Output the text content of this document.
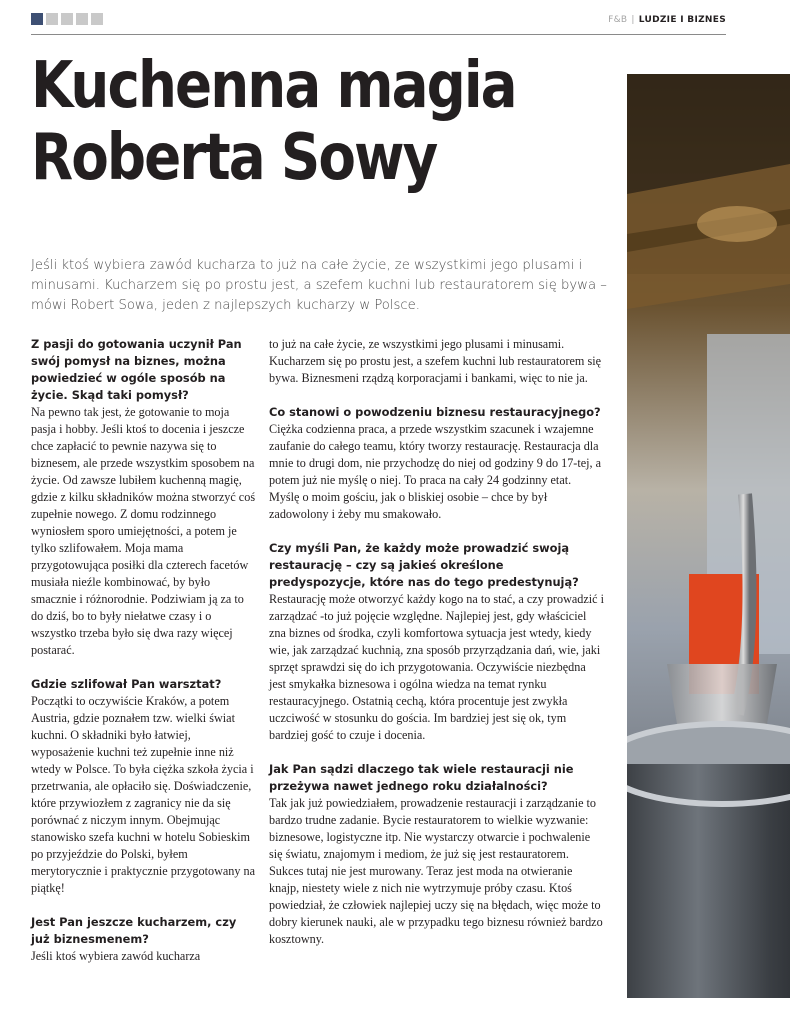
F&B | LUDZIE I BIZNES
Kuchenna magia
Roberta Sowy

Jeśli ktoś wybiera zawód kucharza to już na całe życie, ze wszystkimi jego plusami i minusami. Kucharzem się po prostu jest, a szefem kuchni lub restauratorem się bywa – mówi Robert Sowa, jeden z najlepszych kucharzy w Polsce.

Z pasji do gotowania uczynił Pan swój pomysł na biznes, można powiedzieć w ogóle sposób na życie. Skąd taki pomysł?

Na pewno tak jest, że gotowanie to moja pasja i hobby. Jeśli ktoś to docenia i jeszcze chce zapłacić to pewnie nazywa się to biznesem, ale przede wszystkim sposobem na życie. Od zawsze lubiłem kuchenną magię, gdzie z kilku składników można stworzyć coś zupełnie nowego. Z domu rodzinnego wyniosłem sporo umiejętności, a potem je tylko szlifowałem. Moja mama przygotowująca posiłki dla czterech facetów musiała nieźle kombinować, by było smacznie i różnorodnie. Podziwiam ją za to do dziś, bo to były niełatwe czasy i o wszystko trzeba było się dwa razy więcej postarać.

Gdzie szlifował Pan warsztat?

Początki to oczywiście Kraków, a potem Austria, gdzie poznałem tzw. wielki świat kuchni. O składniki było łatwiej, wyposażenie kuchni też zupełnie inne niż wtedy w Polsce. To była ciężka szkoła życia i przetrwania, ale opłaciło się. Doświadczenie, które przywiozłem z zagranicy nie da się porównać z niczym innym. Obejmując stanowisko szefa kuchni w hotelu Sobieskim po przyjeździe do Polski, byłem merytorycznie i praktycznie przygotowany na piątkę!

Jest Pan jeszcze kucharzem, czy już biznesmenem?

Jeśli ktoś wybiera zawód kucharza

to już na całe życie, ze wszystkimi jego plusami i minusami. Kucharzem się po prostu jest, a szefem kuchni lub restauratorem się bywa. Biznesmeni rządzą korporacjami i bankami, więc to nie ja.

Co stanowi o powodzeniu biznesu restauracyjnego?

Ciężka codzienna praca, a przede wszystkim szacunek i wzajemne zaufanie do całego teamu, który tworzy restaurację. Restauracja dla mnie to drugi dom, nie przychodzę do niej od godziny 9 do 17-tej, a potem już nie myślę o niej. To praca na cały 24 godzinny etat. Myślę o moim gościu, jak o bliskiej osobie – chce by był zadowolony i żeby mu smakowało.

Czy myśli Pan, że każdy może prowadzić swoją restaurację – czy są jakieś określone predyspozycje, które nas do tego predestynują?

Restaurację może otworzyć każdy kogo na to stać, a czy prowadzić i zarządzać -to już pojęcie względne. Najlepiej jest, gdy właściciel zna biznes od środka, czyli komfortowa sytuacja jest wtedy, kiedy wie, jak zarządzać kuchnią, zna sposób przyrządzania dań, wie, jaki sprzęt sprawdzi się do ich przygotowania. Oczywiście niezbędna jest smykałka biznesowa i ogólna wiedza na temat rynku restauracyjnego. Ostatnią cechą, która procentuje jest zwykła uczciwość w stosunku do gościa. Im bardziej jest się ok, tym bardziej gość to czuje i docenia.

Jak Pan sądzi dlaczego tak wiele restauracji nie przeżywa nawet jednego roku działalności?

Tak jak już powiedziałem, prowadzenie restauracji i zarządzanie to bardzo trudne zadanie. Bycie restauratorem to wielkie wyzwanie: biznesowe, logistyczne itp. Nie wystarczy otwarcie i pochwalenie się światu, znajomym i mediom, że już się jest restauratorem. Sukces tutaj nie jest murowany. Teraz jest moda na otwieranie knajp, niestety wiele z nich nie wytrzymuje próby czasu. Ktoś powiedział, że człowiek najlepiej uczy się na błędach, więc może to dobry kierunek nauki, ale w przypadku tego biznesu również bardzo kosztowny.
